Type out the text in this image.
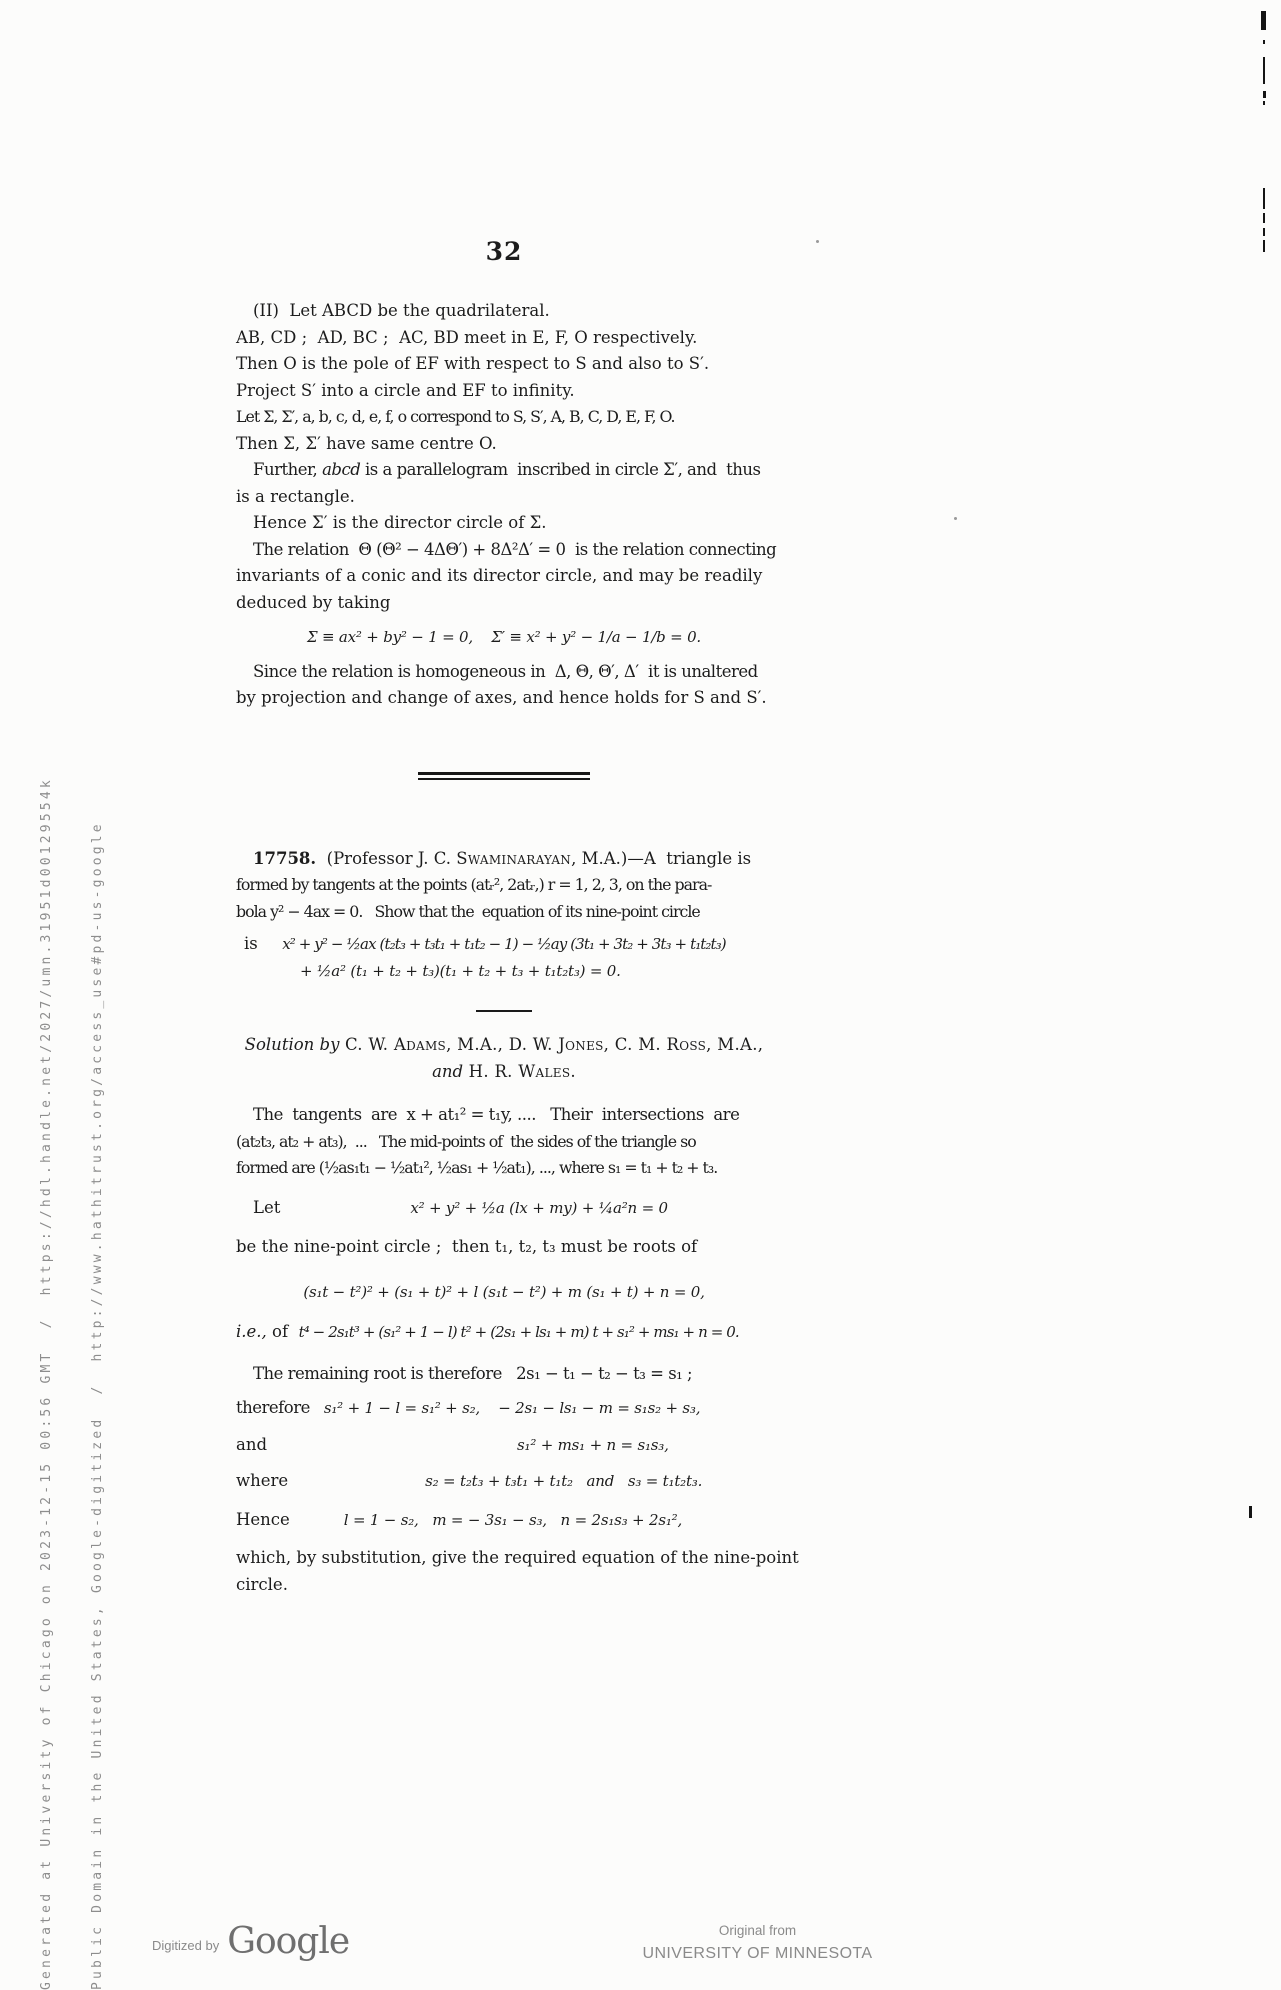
Generated at University of Chicago on 2023-12-15 00:56 GMT  /  https://hdl.handle.net/2027/umn.31951d00129554k

	Public Domain in the United States, Google-digitized  /  http://www.hathitrust.org/access_use#pd-us-google

32
(II)  Let ABCD be the quadrilateral.
AB, CD ;  AD, BC ;  AC, BD meet in E, F, O respectively.
Then O is the pole of EF with respect to S and also to S′.
Project S′ into a circle and EF to infinity.
Let Σ, Σ′, a, b, c, d, e, f, o correspond to S, S′, A, B, C, D, E, F, O.
Then Σ, Σ′ have same centre O.
Further, abcd is a parallelogram  inscribed in circle Σ′, and  thus
is a rectangle.
Hence Σ′ is the director circle of Σ.
The relation  Θ (Θ² − 4ΔΘ′) + 8Δ²Δ′ = 0  is the relation connecting
invariants of a conic and its director circle, and may be readily
deduced by taking
Σ ≡ ax² + by² − 1 = 0,    Σ′ ≡ x² + y² − 1/a − 1/b = 0.
Since the relation is homogeneous in  Δ, Θ, Θ′, Δ′  it is unaltered
by projection and change of axes, and hence holds for S and S′.
17758.  (Professor J. C. Swaminarayan, M.A.)—A  triangle is
formed by tangents at the points (atᵣ², 2atᵣ,) r = 1, 2, 3, on the para-
bola y² − 4ax = 0.   Show that the  equation of its nine-point circle
is	x² + y² − ½ax (t₂t₃ + t₃t₁ + t₁t₂ − 1) − ½ay (3t₁ + 3t₂ + 3t₃ + t₁t₂t₃)
+ ½a² (t₁ + t₂ + t₃)(t₁ + t₂ + t₃ + t₁t₂t₃) = 0.
Solution by C. W. Adams, M.A., D. W. Jones, C. M. Ross, M.A.,
and H. R. Wales.
The  tangents  are  x + at₁² = t₁y, ....   Their  intersections  are
(at₂t₃, at₂ + at₃),  ...   The mid-points of  the sides of the triangle so
formed are (½as₁t₁ − ½at₁², ½as₁ + ½at₁), ..., where s₁ = t₁ + t₂ + t₃.
Let	x² + y² + ½a (lx + my) + ¼a²n = 0
be the nine-point circle ;  then t₁, t₂, t₃ must be roots of
(s₁t − t²)² + (s₁ + t)² + l (s₁t − t²) + m (s₁ + t) + n = 0,
i.e., of  t⁴ − 2s₁t³ + (s₁² + 1 − l) t² + (2s₁ + ls₁ + m) t + s₁² + ms₁ + n = 0.
The remaining root is therefore   2s₁ − t₁ − t₂ − t₃ = s₁ ;
therefore s₁² + 1 − l = s₁² + s₂,    − 2s₁ − ls₁ − m = s₁s₂ + s₃,
and	s₁² + ms₁ + n = s₁s₃,
where	s₂ = t₂t₃ + t₃t₁ + t₁t₂   and   s₃ = t₁t₂t₃.
Hence	l = 1 − s₂,   m = − 3s₁ − s₃,   n = 2s₁s₃ + 2s₁²,
which, by substitution, give the required equation of the nine-point
circle.
Digitized by Google	Original from
UNIVERSITY OF MINNESOTA
